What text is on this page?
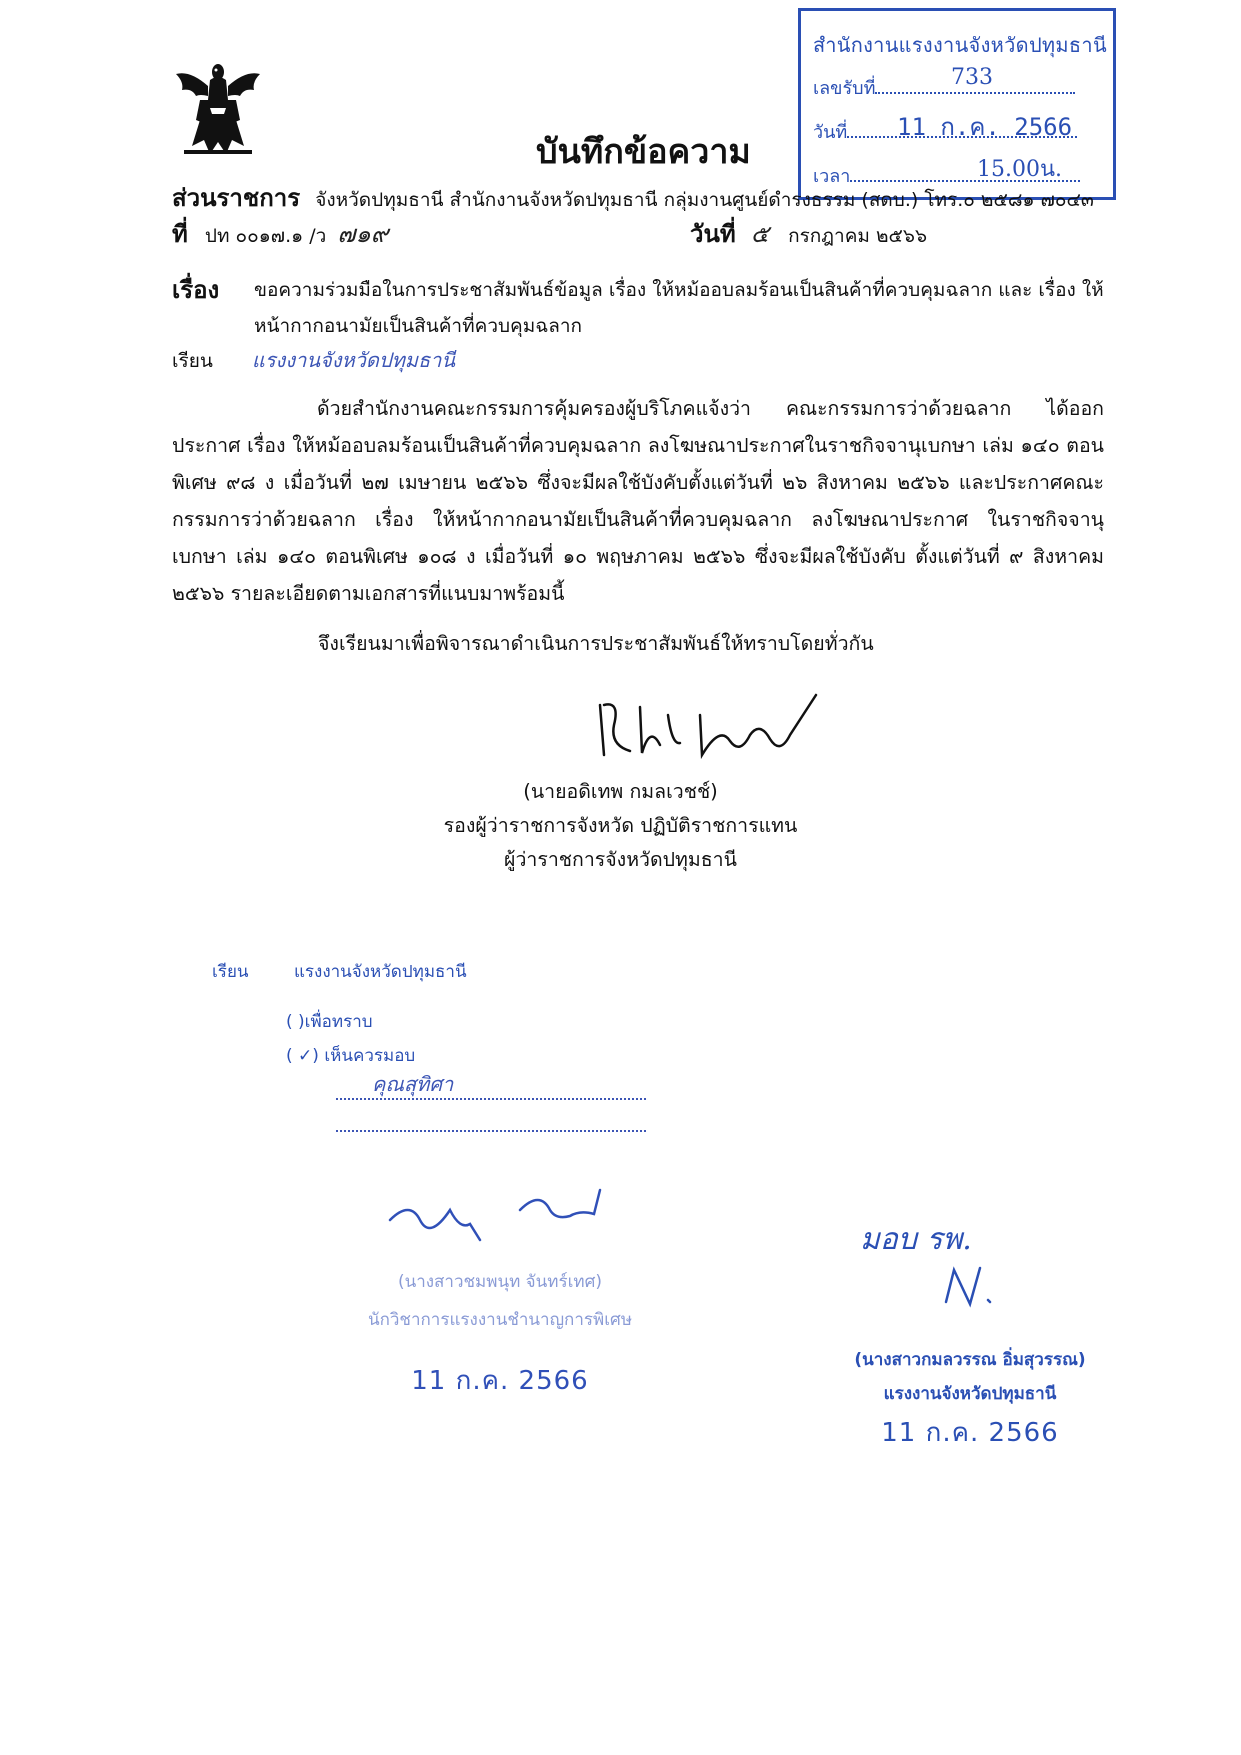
สำนักงานแรงงานจังหวัดปทุมธานี
เลขรับที่	733
วันที่	11 ก.ค. 2566
เวลา	15.00น.
บันทึกข้อความ
ส่วนราชการ จังหวัดปทุมธานี สำนักงานจังหวัดปทุมธานี กลุ่มงานศูนย์ดำรงธรรม (สดบ.) โทร.๐ ๒๕๘๑ ๗๐๔๓
ที่ ปท ๐๐๑๗.๑ /ว ๗๑๙	วันที่ ๕ กรกฎาคม ๒๕๖๖
เรื่อง ขอความร่วมมือในการประชาสัมพันธ์ข้อมูล เรื่อง ให้หม้ออบลมร้อนเป็นสินค้าที่ควบคุมฉลาก และ เรื่อง ให้หน้ากากอนามัยเป็นสินค้าที่ควบคุมฉลาก
เรียน แรงงานจังหวัดปทุมธานี

ด้วยสำนักงานคณะกรรมการคุ้มครองผู้บริโภคแจ้งว่า คณะกรรมการว่าด้วยฉลาก ได้ออกประกาศ เรื่อง ให้หม้ออบลมร้อนเป็นสินค้าที่ควบคุมฉลาก ลงโฆษณาประกาศในราชกิจจานุเบกษา เล่ม ๑๔๐ ตอนพิเศษ ๙๘ ง เมื่อวันที่ ๒๗ เมษายน ๒๕๖๖ ซึ่งจะมีผลใช้บังคับตั้งแต่วันที่ ๒๖ สิงหาคม ๒๕๖๖ และประกาศคณะกรรมการว่าด้วยฉลาก เรื่อง ให้หน้ากากอนามัยเป็นสินค้าที่ควบคุมฉลาก ลงโฆษณาประกาศ ในราชกิจจานุเบกษา เล่ม ๑๔๐ ตอนพิเศษ ๑๐๘ ง เมื่อวันที่ ๑๐ พฤษภาคม ๒๕๖๖ ซึ่งจะมีผลใช้บังคับ ตั้งแต่วันที่ ๙ สิงหาคม ๒๕๖๖ รายละเอียดตามเอกสารที่แนบมาพร้อมนี้

จึงเรียนมาเพื่อพิจารณาดำเนินการประชาสัมพันธ์ให้ทราบโดยทั่วกัน
(นายอดิเทพ กมลเวชช์)
รองผู้ว่าราชการจังหวัด ปฏิบัติราชการแทน
ผู้ว่าราชการจังหวัดปทุมธานี
เรียน	แรงงานจังหวัดปทุมธานี
( )เพื่อทราบ
( ✓) เห็นควรมอบ
คุณสุทิศา
(นางสาวชมพนุท จันทร์เทศ)
นักวิชาการแรงงานชำนาญการพิเศษ
11 ก.ค. 2566
มอบ รพ.
(นางสาวกมลวรรณ อิ่มสุวรรณ)
แรงงานจังหวัดปทุมธานี
11 ก.ค. 2566
